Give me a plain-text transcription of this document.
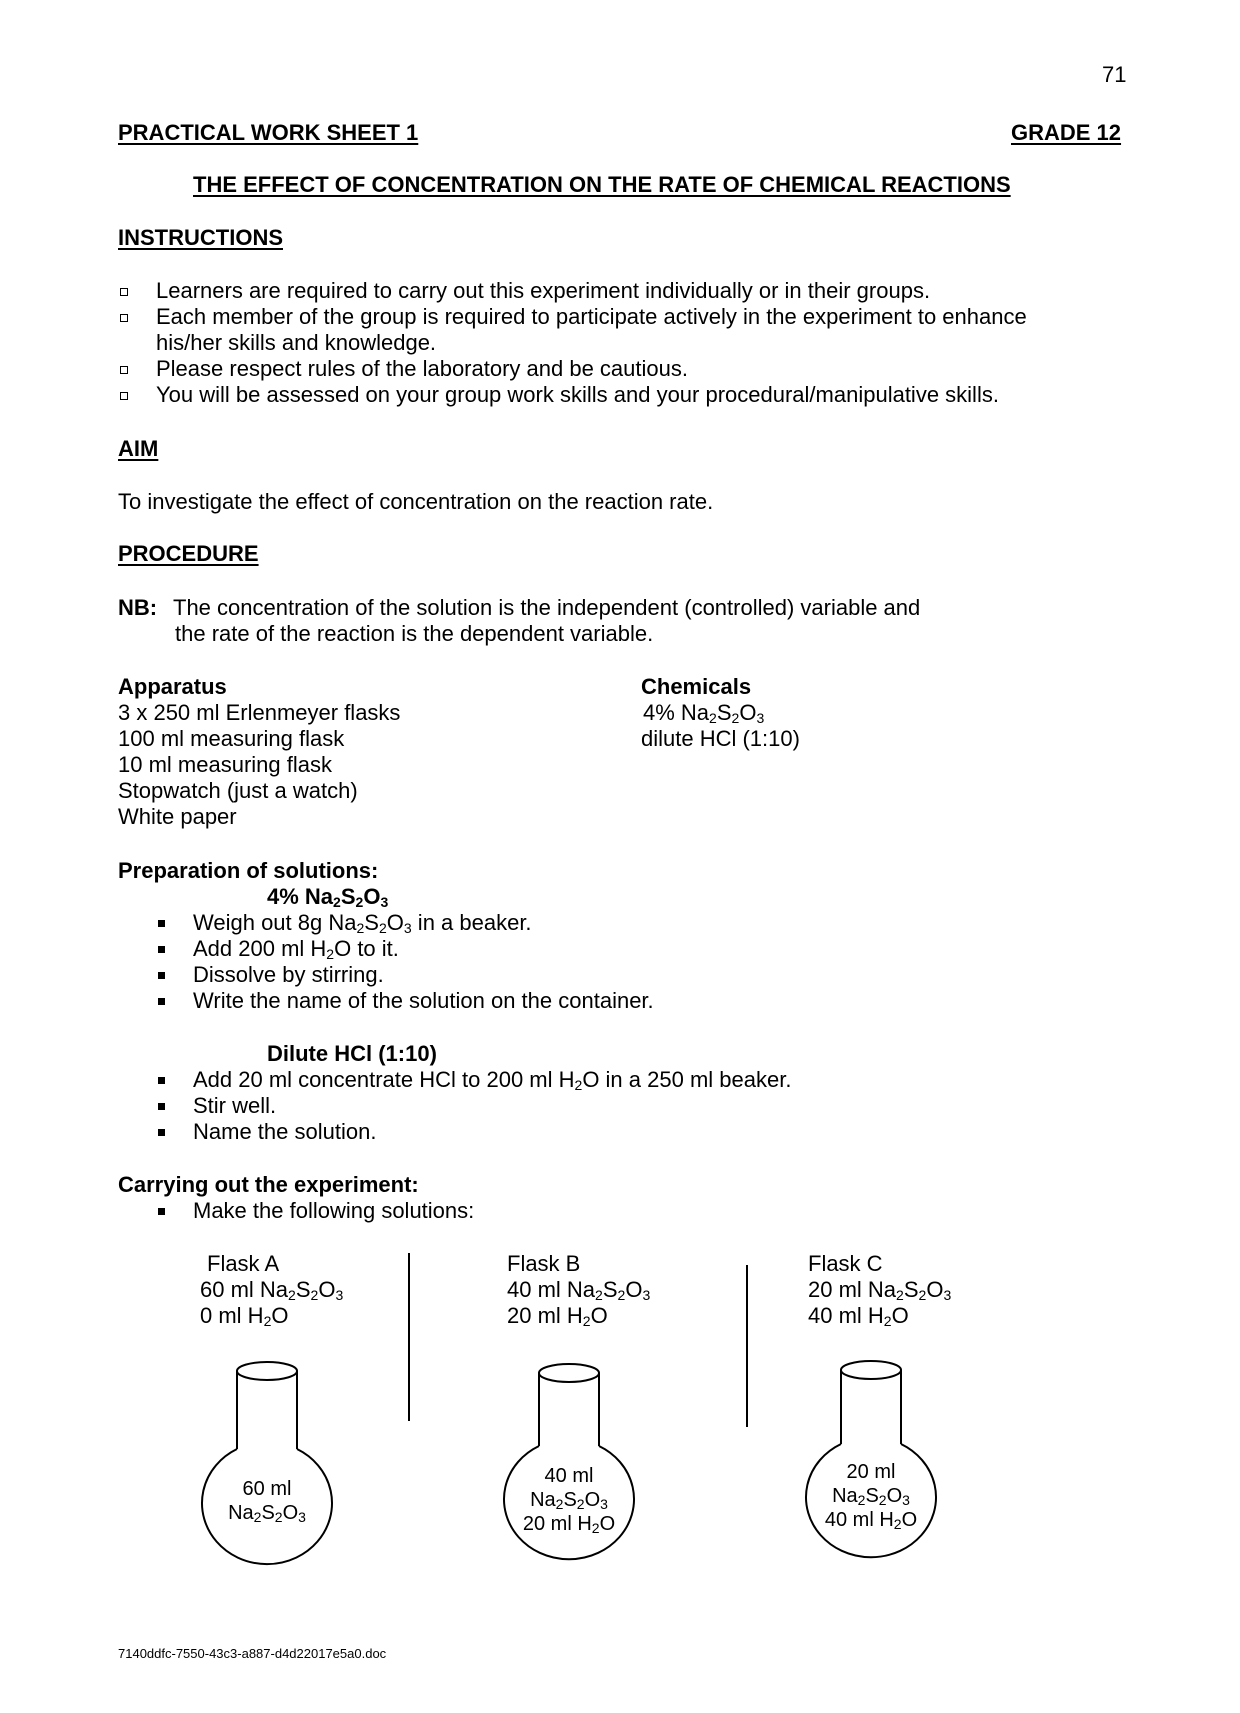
71
PRACTICAL WORK SHEET 1	GRADE 12
THE EFFECT OF CONCENTRATION ON THE RATE OF CHEMICAL REACTIONS
INSTRUCTIONS
Learners are required to carry out this experiment individually or in their groups.
Each member of the group is required to participate actively in the experiment to enhance
his/her skills and knowledge.
Please respect rules of the laboratory and be cautious.
You will be assessed on your group work skills and your procedural/manipulative skills.
AIM
To investigate the effect of concentration on the reaction rate.
PROCEDURE
NB: The concentration of the solution is the independent (controlled) variable and
the rate of the reaction is the dependent variable.
Apparatus
3 x 250 ml Erlenmeyer flasks
100 ml measuring flask
10 ml measuring flask
Stopwatch (just a watch)
White paper
Chemicals
4% $Na_2S_2O_3$
dilute HCl (1:10)
Preparation of solutions:
4% $Na_2S_2O_3$
Weigh out 8g $Na_2S_2O_3$ in a beaker.
Add 200 ml $H_2O$ to it.
Dissolve by stirring.
Write the name of the solution on the container.
Dilute HCl (1:10)
Add 20 ml concentrate HCl to 200 ml $H_2O$ in a 250 ml beaker.
Stir well.
Name the solution.
Carrying out the experiment:
Make the following solutions:
Flask A
60 ml $Na_2S_2O_3$
0 ml $H_2O$
Flask B
40 ml $Na_2S_2O_3$
20 ml $H_2O$
Flask C
20 ml $Na_2S_2O_3$
40 ml $H_2O$
60 ml
$Na_2S_2O_3$
40 ml
$Na_2S_2O_3$
20 ml $H_2O$
20 ml
$Na_2S_2O_3$
40 ml $H_2O$
7140ddfc-7550-43c3-a887-d4d22017e5a0.doc
